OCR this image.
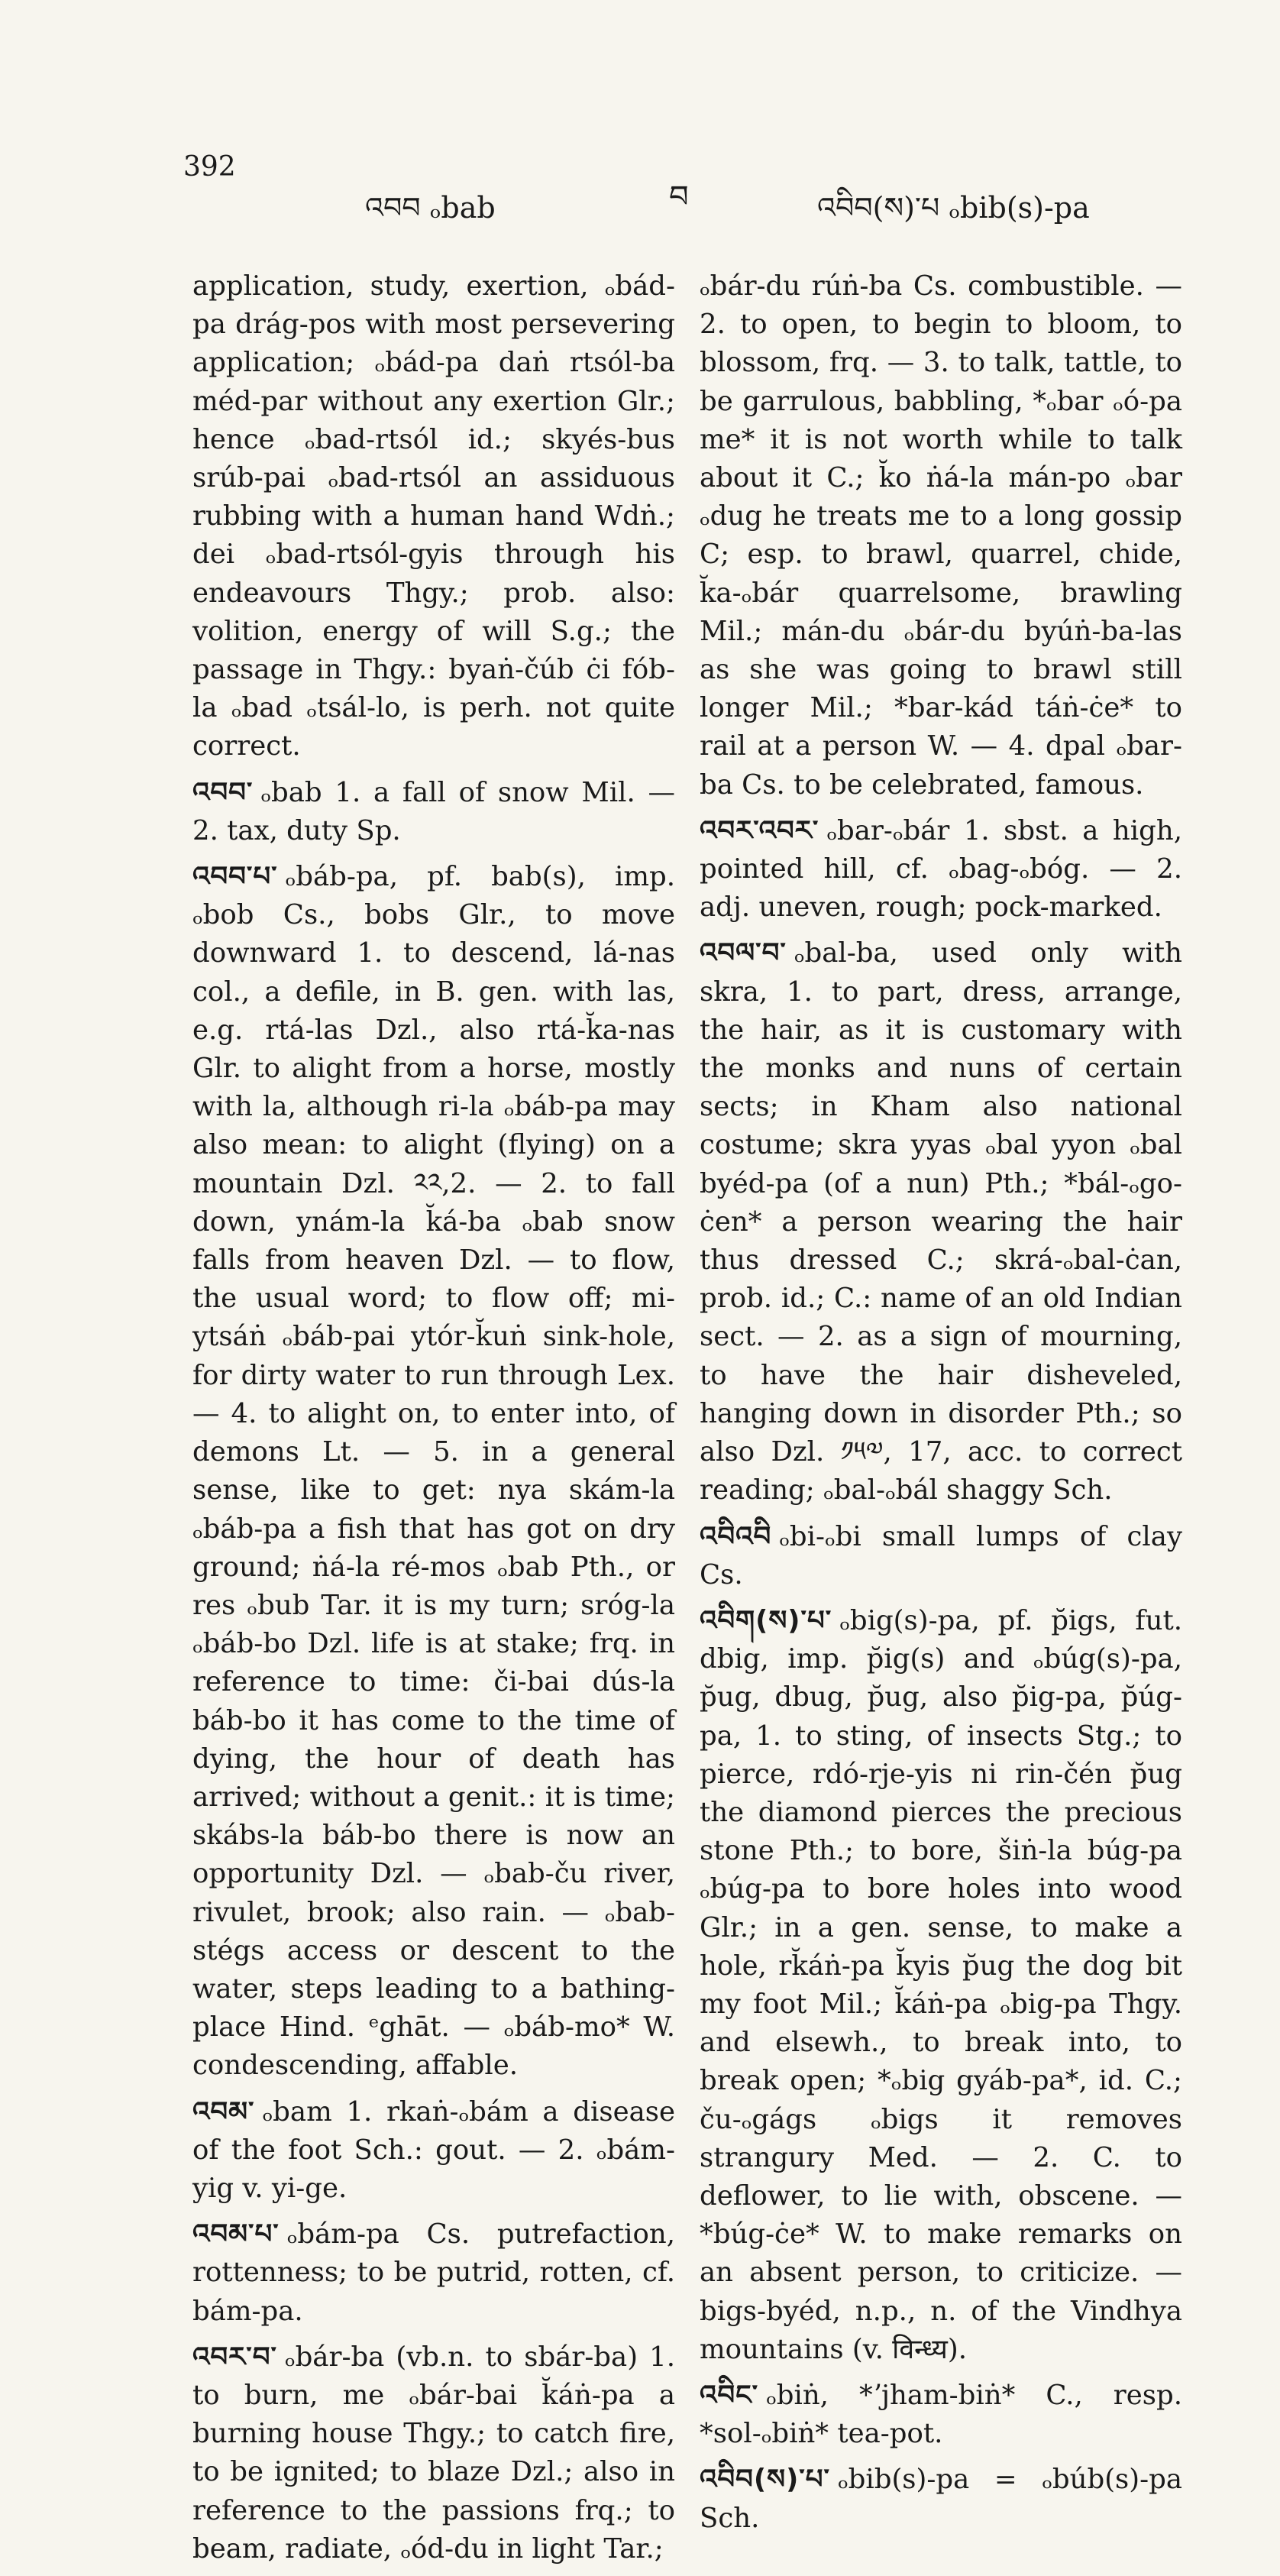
392
འབབ ₒbab	བ	འབིབ(ས)་པ ₒbib(s)-pa

application, study, exertion, ₒbád-pa drág-pos with most persevering application; ₒbád-pa daṅ rtsól-ba méd-par without any exertion Glr.; hence ₒbad-rtsól id.; skyés-bus srúb-pai ₒbad-rtsól an assiduous rubbing with a human hand Wdṅ.; dei ₒbad-rtsól-gyis through his endeavours Thgy.; prob. also: volition, energy of will S.g.; the passage in Thgy.: byaṅ-čúb ċi fób-la ₒbad ₒtsál-lo, is perh. not quite correct.

འབབ་ ₒbab 1. a fall of snow Mil. — 2. tax, duty Sp.

འབབ་པ་ ₒbáb-pa, pf. bab(s), imp. ₒbob Cs., bobs Glr., to move downward 1. to descend, lá-nas col., a defile, in B. gen. with las, e.g. rtá-las Dzl., also rtá-k̆a-nas Glr. to alight from a horse, mostly with la, although ri-la ₒbáb-pa may also mean: to alight (flying) on a mountain Dzl. ༢༢,2. — 2. to fall down, ynám-la k̆á-ba ₒbab snow falls from heaven Dzl. — to flow, the usual word; to flow off; mi-ytsáṅ ₒbáb-pai ytór-k̆uṅ sink-hole, for dirty water to run through Lex. — 4. to alight on, to enter into, of demons Lt. — 5. in a general sense, like to get: nya skám-la ₒbáb-pa a fish that has got on dry ground; ṅá-la ré-mos ₒbab Pth., or res ₒbub Tar. it is my turn; sróg-la ₒbáb-bo Dzl. life is at stake; frq. in reference to time: či-bai dús-la báb-bo it has come to the time of dying, the hour of death has arrived; without a genit.: it is time; skábs-la báb-bo there is now an opportunity Dzl. — ₒbab-ču river, rivulet, brook; also rain. — ₒbab-stégs access or descent to the water, steps leading to a bathing-place Hind. ᵉghāt. — ₒbáb-mo* W. condescending, affable.

འབམ་ ₒbam 1. rkaṅ-ₒbám a disease of the foot Sch.: gout. — 2. ₒbám-yig v. yi-ge.

འབམ་པ་ ₒbám-pa Cs. putrefaction, rottenness; to be putrid, rotten, cf. bám-pa.

འབར་བ་ ₒbár-ba (vb.n. to sbár-ba) 1. to burn, me ₒbár-bai k̆áṅ-pa a burning house Thgy.; to catch fire, to be ignited; to blaze Dzl.; also in reference to the passions frq.; to beam, radiate, ₒód-du in light Tar.;

ₒbár-du rúṅ-ba Cs. combustible. — 2. to open, to begin to bloom, to blossom, frq. — 3. to talk, tattle, to be garrulous, babbling, *ₒbar ₒó-pa me* it is not worth while to talk about it C.; k̆o ṅá-la mán-po ₒbar ₒdug he treats me to a long gossip C; esp. to brawl, quarrel, chide, k̆a-ₒbár quarrelsome, brawling Mil.; mán-du ₒbár-du byúṅ-ba-las as she was going to brawl still longer Mil.; *bar-kád táṅ-ċe* to rail at a person W. — 4. dpal ₒbar-ba Cs. to be celebrated, famous.

འབར་འབར་ ₒbar-ₒbár 1. sbst. a high, pointed hill, cf. ₒbag-ₒbóg. — 2. adj. uneven, rough; pock-marked.

འབལ་བ་ ₒbal-ba, used only with skra, 1. to part, dress, arrange, the hair, as it is customary with the monks and nuns of certain sects; in Kham also national costume; skra yyas ₒbal yyon ₒbal byéd-pa (of a nun) Pth.; *bál-ₒgo-ċen* a person wearing the hair thus dressed C.; skrá-ₒbal-ċan, prob. id.; C.: name of an old Indian sect. — 2. as a sign of mourning, to have the hair disheveled, hanging down in disorder Pth.; so also Dzl. ༡༥༧, 17, acc. to correct reading; ₒbal-ₒbál shaggy Sch.

འབིའབི ₒbi-ₒbi small lumps of clay Cs.

འབིག(ས)་པ་ ₒbig(s)-pa, pf. p̆igs, fut. dbig, imp. p̆ig(s) and ₒbúg(s)-pa, p̆ug, dbug, p̆ug, also p̆ig-pa, p̆úg-pa, 1. to sting, of insects Stg.; to pierce, rdó-rje-yis ni rin-čén p̆ug the diamond pierces the precious stone Pth.; to bore, šiṅ-la búg-pa ₒbúg-pa to bore holes into wood Glr.; in a gen. sense, to make a hole, rk̆áṅ-pa k̆yis p̆ug the dog bit my foot Mil.; k̆áṅ-pa ₒbig-pa Thgy. and elsewh., to break into, to break open; *ₒbig gyáb-pa*, id. C.; ču-ₒgágs ₒbigs it removes strangury Med. — 2. C. to deflower, to lie with, obscene. — *búg-ċe* W. to make remarks on an absent person, to criticize. — bigs-byéd, n.p., n. of the Vindhya mountains (v. विन्ध्य).

འབིང་ ₒbiṅ, *ʼjham-biṅ* C., resp. *sol-ₒbiṅ* tea-pot.

འབིབ(ས)་པ་ ₒbib(s)-pa = ₒbúb(s)-pa Sch.
